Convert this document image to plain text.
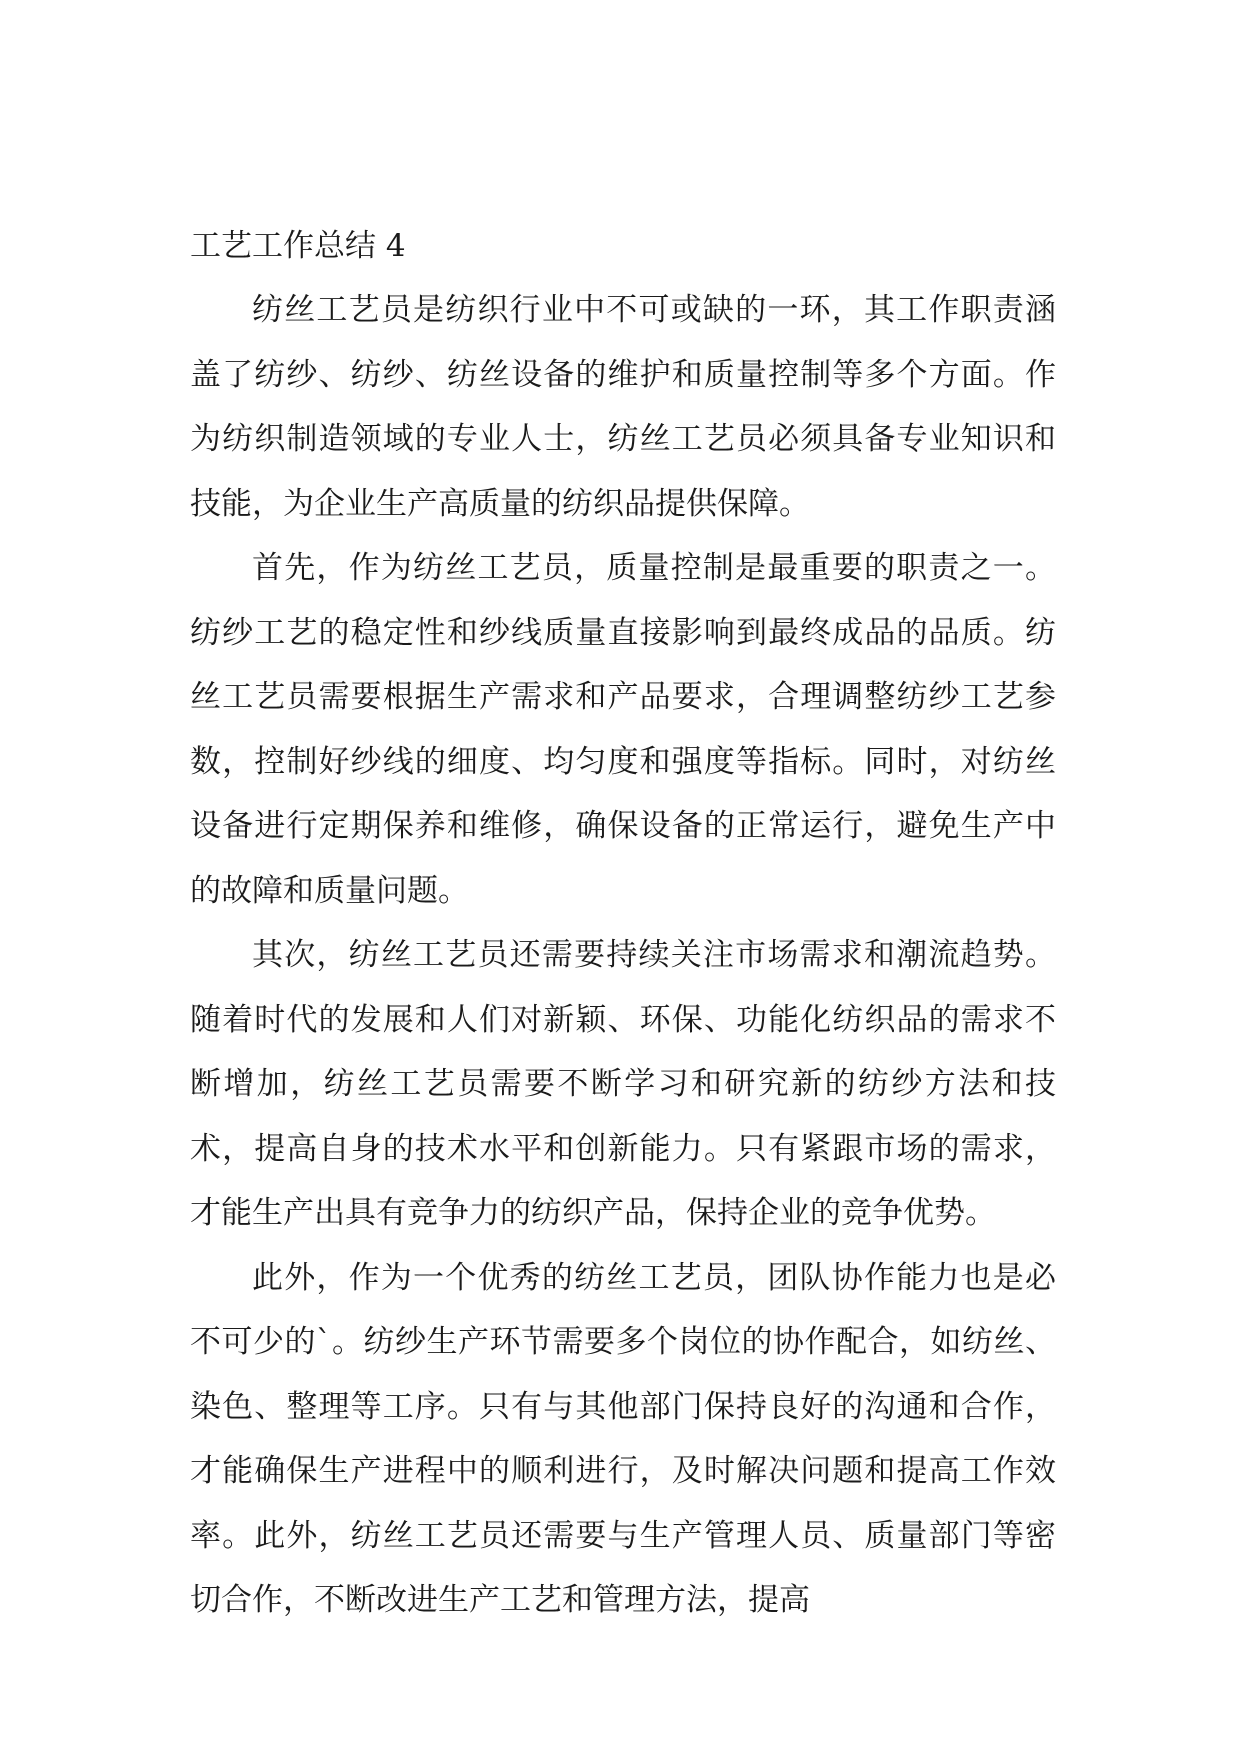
工艺工作总结 4

纺丝工艺员是纺织行业中不可或缺的一环，其工作职责涵盖了纺纱、纺纱、纺丝设备的维护和质量控制等多个方面。作为纺织制造领域的专业人士，纺丝工艺员必须具备专业知识和技能，为企业生产高质量的纺织品提供保障。

首先，作为纺丝工艺员，质量控制是最重要的职责之一。纺纱工艺的稳定性和纱线质量直接影响到最终成品的品质。纺丝工艺员需要根据生产需求和产品要求，合理调整纺纱工艺参数，控制好纱线的细度、均匀度和强度等指标。同时，对纺丝设备进行定期保养和维修，确保设备的正常运行，避免生产中的故障和质量问题。

其次，纺丝工艺员还需要持续关注市场需求和潮流趋势。随着时代的发展和人们对新颖、环保、功能化纺织品的需求不断增加，纺丝工艺员需要不断学习和研究新的纺纱方法和技术，提高自身的技术水平和创新能力。只有紧跟市场的需求，才能生产出具有竞争力的纺织产品，保持企业的竞争优势。

此外，作为一个优秀的纺丝工艺员，团队协作能力也是必不可少的`。纺纱生产环节需要多个岗位的协作配合，如纺丝、染色、整理等工序。只有与其他部门保持良好的沟通和合作，才能确保生产进程中的顺利进行，及时解决问题和提高工作效率。此外，纺丝工艺员还需要与生产管理人员、质量部门等密切合作，不断改进生产工艺和管理方法，提高
